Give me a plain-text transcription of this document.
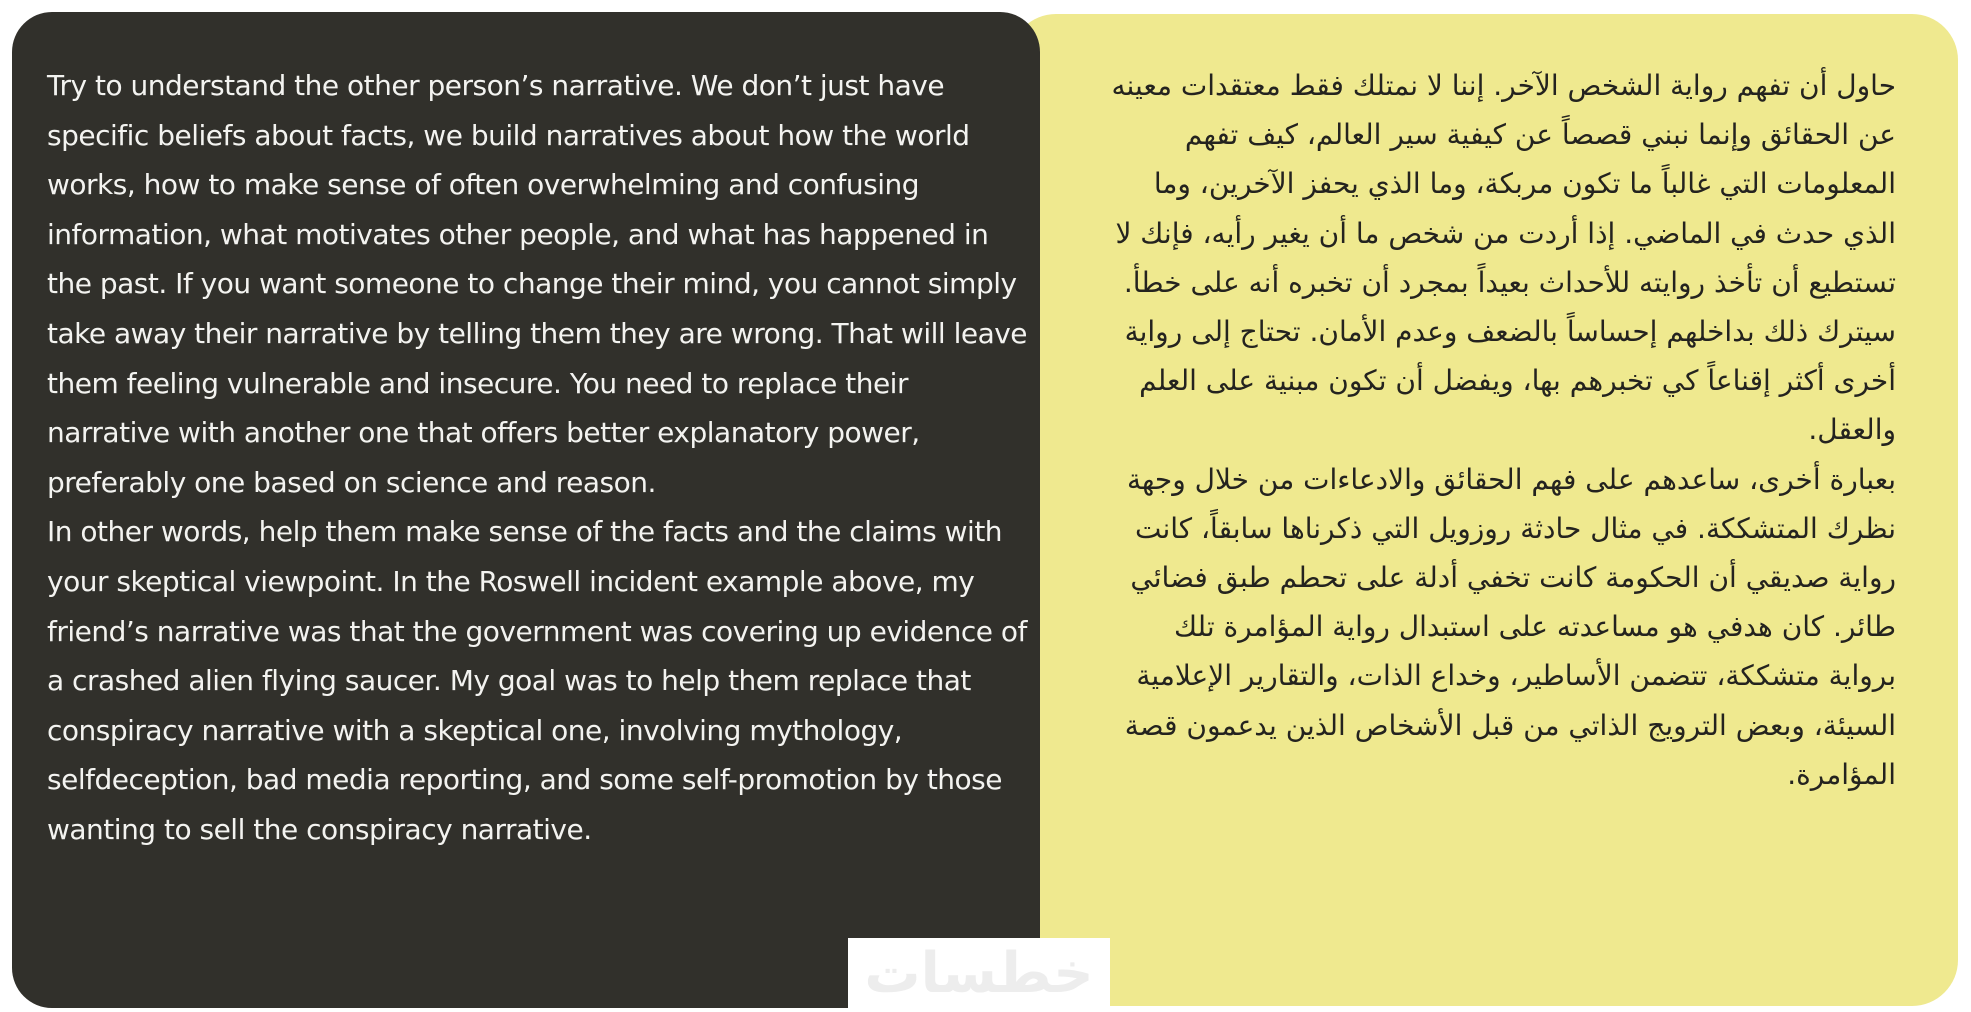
Try to understand the other person’s narrative. We don’t just have specific beliefs about facts, we build narratives about how the world works, how to make sense of often overwhelming and confusing information, what motivates other people, and what has happened in the past. If you want someone to change their mind, you cannot simply take away their narrative by telling them they are wrong. That will leave them feeling vulnerable and insecure. You need to replace their narrative with another one that offers better explanatory power, preferably one based on science and reason.

In other words, help them make sense of the facts and the claims with your skeptical viewpoint. In the Roswell incident example above, my friend’s narrative was that the government was covering up evidence of a crashed alien flying saucer. My goal was to help them replace that conspiracy narrative with a skeptical one, involving mythology, selfdeception, bad media reporting, and some self-promotion by those wanting to sell the conspiracy narrative.

حاول أن تفهم رواية الشخص الآخر. إننا لا نمتلك فقط معتقدات معينه عن الحقائق وإنما نبني قصصاً عن كيفية سير العالم، كيف تفهم المعلومات التي غالباً ما تكون مربكة، وما الذي يحفز الآخرين، وما الذي حدث في الماضي. إذا أردت من شخص ما أن يغير رأيه، فإنك لا تستطيع أن تأخذ روايته للأحداث بعيداً بمجرد أن تخبره أنه على خطأ. سيترك ذلك بداخلهم إحساساً بالضعف وعدم الأمان. تحتاج إلى رواية أخرى أكثر إقناعاً كي تخبرهم بها، ويفضل أن تكون مبنية على العلم والعقل.

بعبارة أخرى، ساعدهم على فهم الحقائق والادعاءات من خلال وجهة نظرك المتشككة. في مثال حادثة روزويل التي ذكرناها سابقاً، كانت رواية صديقي أن الحكومة كانت تخفي أدلة على تحطم طبق فضائي طائر. كان هدفي هو مساعدته على استبدال رواية المؤامرة تلك برواية متشككة، تتضمن الأساطير، وخداع الذات، والتقارير الإعلامية السيئة، وبعض الترويج الذاتي من قبل الأشخاص الذين يدعمون قصة المؤامرة.

خطسات
